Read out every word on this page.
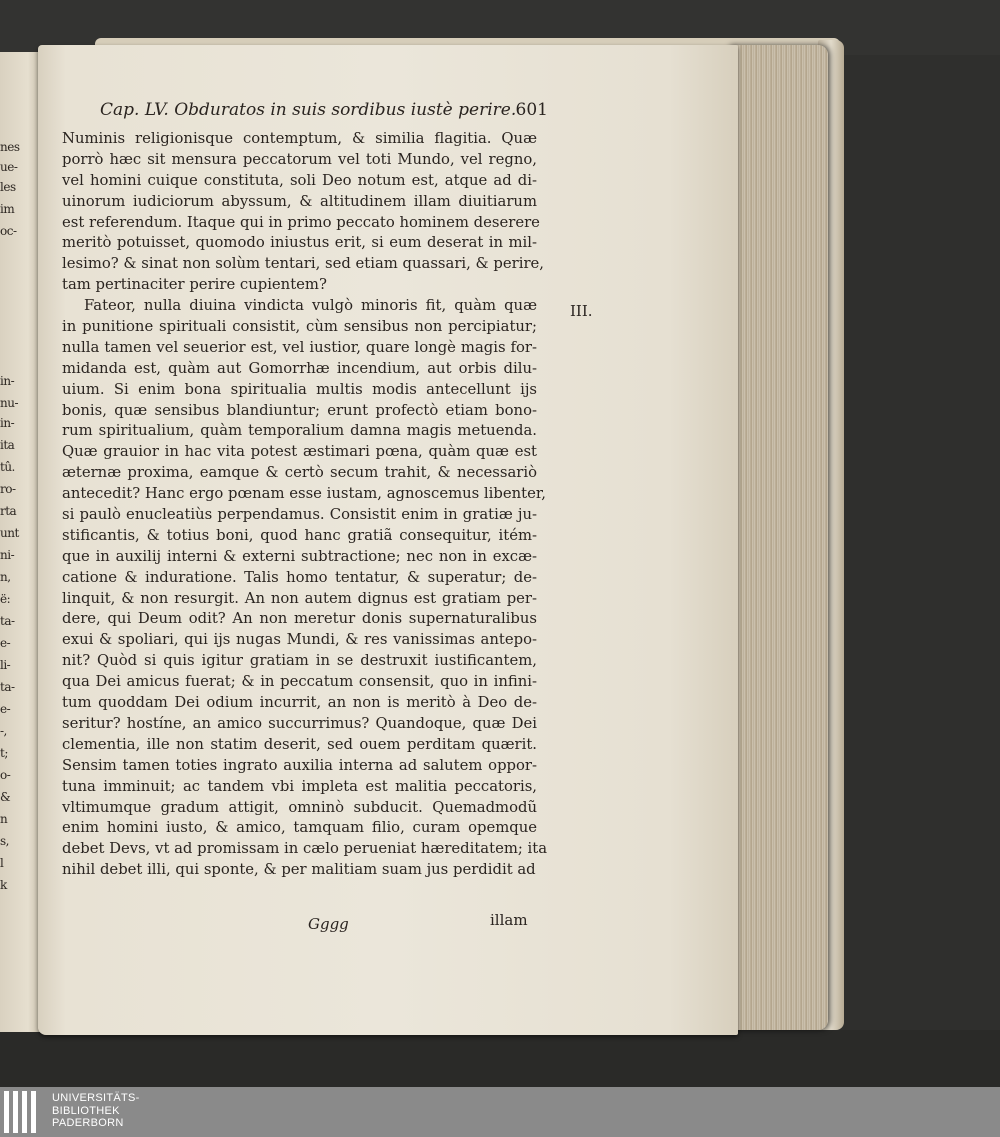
nes
ue-
les
im
oc-
in-
nu-
in-
ita
tû.
ro-
rta
unt
ni-
n,
ë:
ta-
e-
li-
ta-
e-
-,
t;
o-
&
n
s,
l
k
Cap. LV. Obduratos in suis sordibus iustè perire. 601
Numinis religionisque contemptum, & similia flagitia. Quæ
porrò hæc sit mensura peccatorum vel toti Mundo, vel regno,
vel homini cuique constituta, soli Deo notum est, atque ad di-
uinorum iudiciorum abyssum, & altitudinem illam diuitiarum
est referendum. Itaque qui in primo peccato hominem deserere
meritò potuisset, quomodo iniustus erit, si eum deserat in mil-
lesimo? & sinat non solùm tentari, sed etiam quassari, & perire,
tam pertinaciter perire cupientem?
Fateor, nulla diuina vindicta vulgò minoris fit, quàm quæ
in punitione spirituali consistit, cùm sensibus non percipiatur;
nulla tamen vel seuerior est, vel iustior, quare longè magis for-
midanda est, quàm aut Gomorrhæ incendium, aut orbis dilu-
uium. Si enim bona spiritualia multis modis antecellunt ijs
bonis, quæ sensibus blandiuntur; erunt profectò etiam bono-
rum spiritualium, quàm temporalium damna magis metuenda.
Quæ grauior in hac vita potest æstimari pœna, quàm quæ est
æternæ proxima, eamque & certò secum trahit, & necessariò
antecedit? Hanc ergo pœnam esse iustam, agnoscemus libenter,
si paulò enucleatiùs perpendamus. Consistit enim in gratiæ ju-
stificantis, & totius boni, quod hanc gratiã consequitur, itém-
que in auxilij interni & externi subtractione; nec non in excæ-
catione & induratione. Talis homo tentatur, & superatur; de-
linquit, & non resurgit. An non autem dignus est gratiam per-
dere, qui Deum odit? An non meretur donis supernaturalibus
exui & spoliari, qui ijs nugas Mundi, & res vanissimas antepo-
nit? Quòd si quis igitur gratiam in se destruxit iustificantem,
qua Dei amicus fuerat; & in peccatum consensit, quo in infini-
tum quoddam Dei odium incurrit, an non is meritò à Deo de-
seritur? hostíne, an amico succurrimus? Quandoque, quæ Dei
clementia, ille non statim deserit, sed ouem perditam quærit.
Sensim tamen toties ingrato auxilia interna ad salutem oppor-
tuna imminuit; ac tandem vbi impleta est malitia peccatoris,
vltimumque gradum attigit, omninò subducit. Quemadmodũ
enim homini iusto, & amico, tamquam filio, curam opemque
debet Devs, vt ad promissam in cælo perueniat hæreditatem; ita
nihil debet illi, qui sponte, & per malitiam suam jus perdidit ad
III.
Gggg	illam
UNIVERSITÄTS-
BIBLIOTHEK
PADERBORN
